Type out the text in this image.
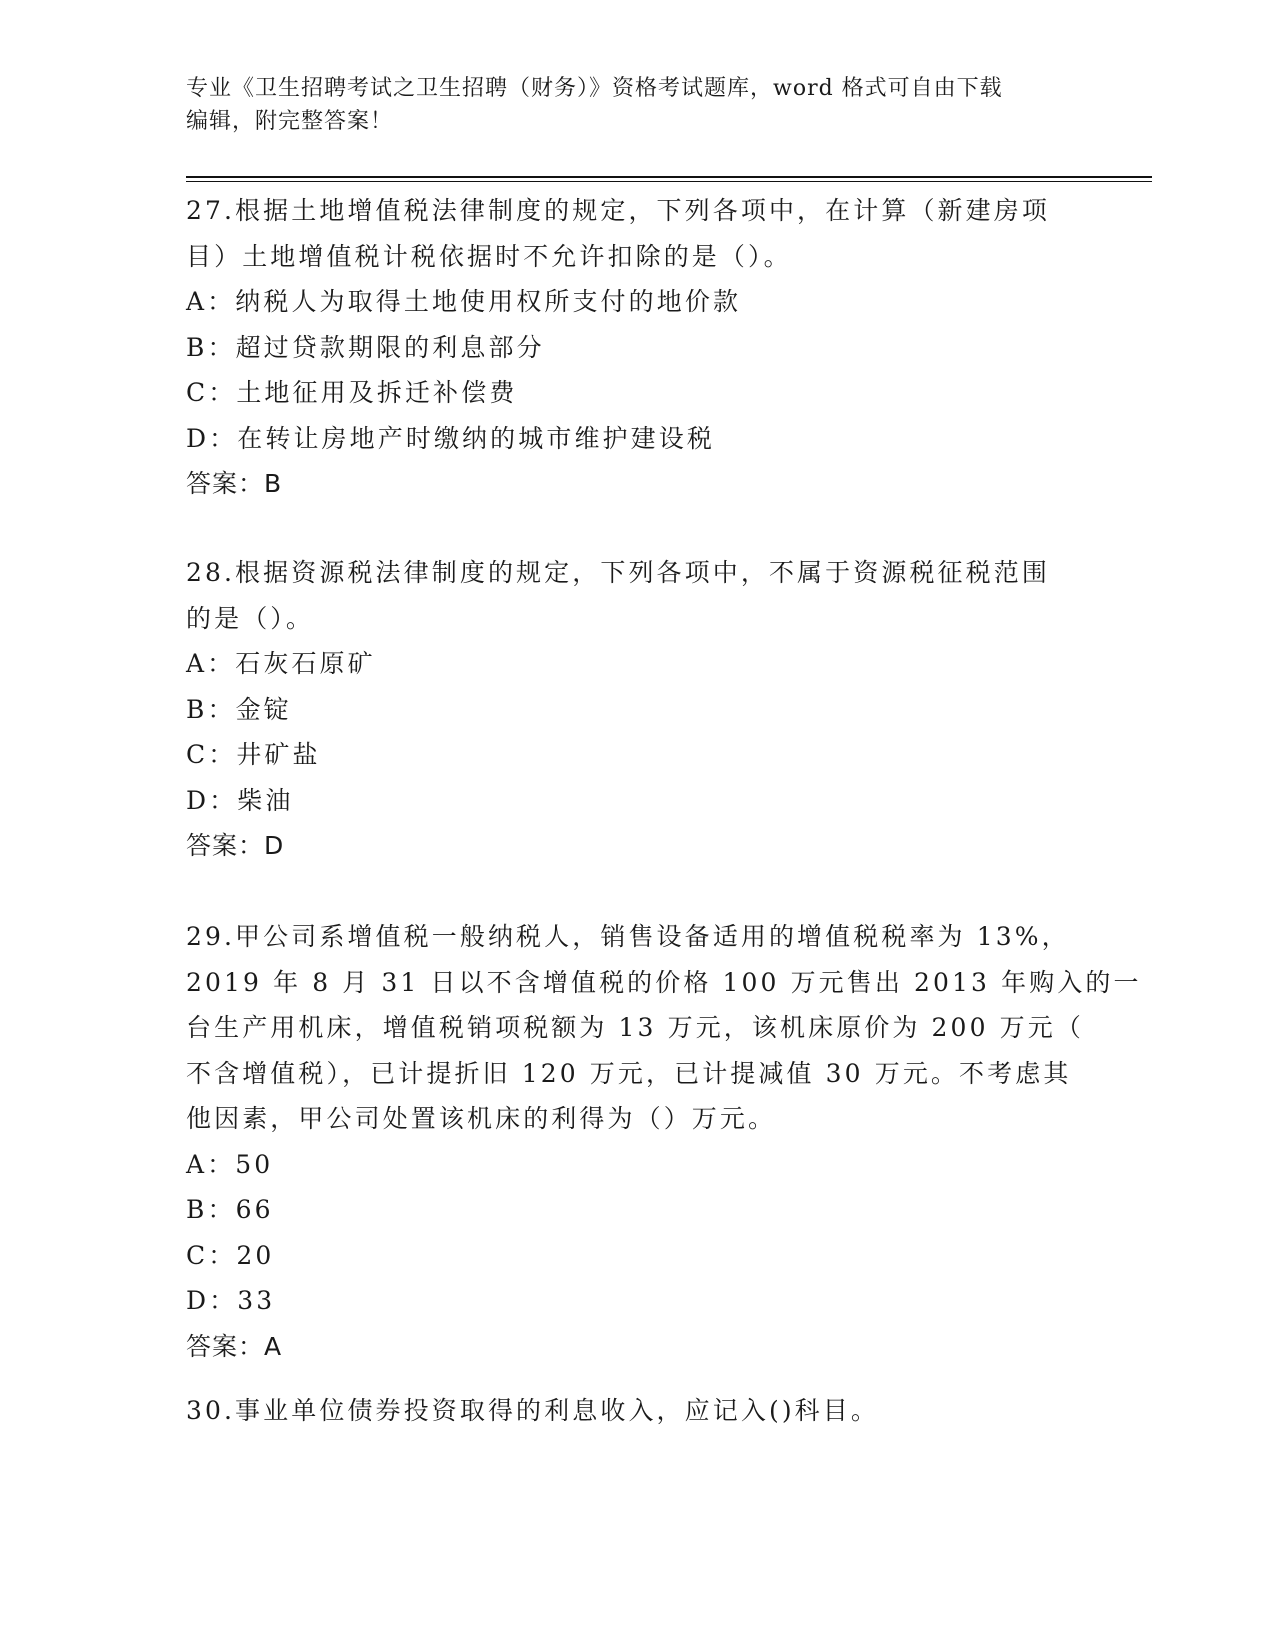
专业《卫生招聘考试之卫生招聘（财务）》资格考试题库，word 格式可自由下载
编辑，附完整答案！
27.根据土地增值税法律制度的规定，下列各项中，在计算（新建房项
目）土地增值税计税依据时不允许扣除的是（）。
A：纳税人为取得土地使用权所支付的地价款
B：超过贷款期限的利息部分
C：土地征用及拆迁补偿费
D：在转让房地产时缴纳的城市维护建设税
答案：B
28.根据资源税法律制度的规定，下列各项中，不属于资源税征税范围
的是（）。
A：石灰石原矿
B：金锭
C：井矿盐
D：柴油
答案：D
29.甲公司系增值税一般纳税人，销售设备适用的增值税税率为 13%，
2019 年 8 月 31 日以不含增值税的价格 100 万元售出 2013 年购入的一
台生产用机床，增值税销项税额为 13 万元，该机床原价为 200 万元（
不含增值税），已计提折旧 120 万元，已计提减值 30 万元。不考虑其
他因素，甲公司处置该机床的利得为（）万元。
A：50
B：66
C：20
D：33
答案：A
30.事业单位债券投资取得的利息收入，应记入()科目。
